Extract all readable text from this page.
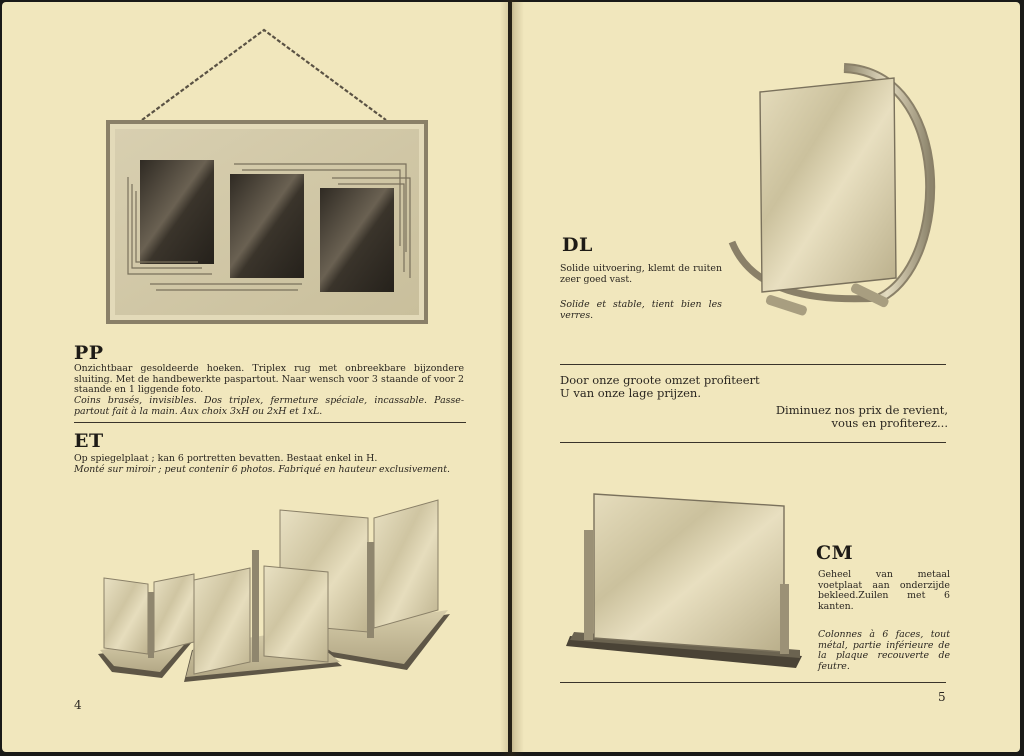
PP
Onzichtbaar gesoldeerde hoeken. Triplex rug met onbreekbare bijzondere sluiting. Met de handbewerkte paspartout. Naar wensch voor 3 staande of voor 2 staande en 1 liggende foto.
Coins brasés, invisibles. Dos triplex, fermeture spéciale, incassable. Passe-partout fait à la main. Aux choix 3xH ou 2xH et 1xL.
ET
Op spiegelplaat ; kan 6 portretten bevatten. Bestaat enkel in H.
Monté sur miroir ; peut contenir 6 photos. Fabriqué en hauteur exclusivement.
4
DL
Solide uitvoering, klemt de ruiten zeer goed vast.
Solide et stable, tient bien les verres.
Door onze groote omzet profiteert U van onze lage prijzen.
Diminuez nos prix de revient, vous en profiterez...
CM
Geheel van metaal voetplaat aan onderzijde bekleed.Zuilen met 6 kanten.
Colonnes à 6 faces, tout métal, partie inférieure de la plaque recouverte de feutre.
5
